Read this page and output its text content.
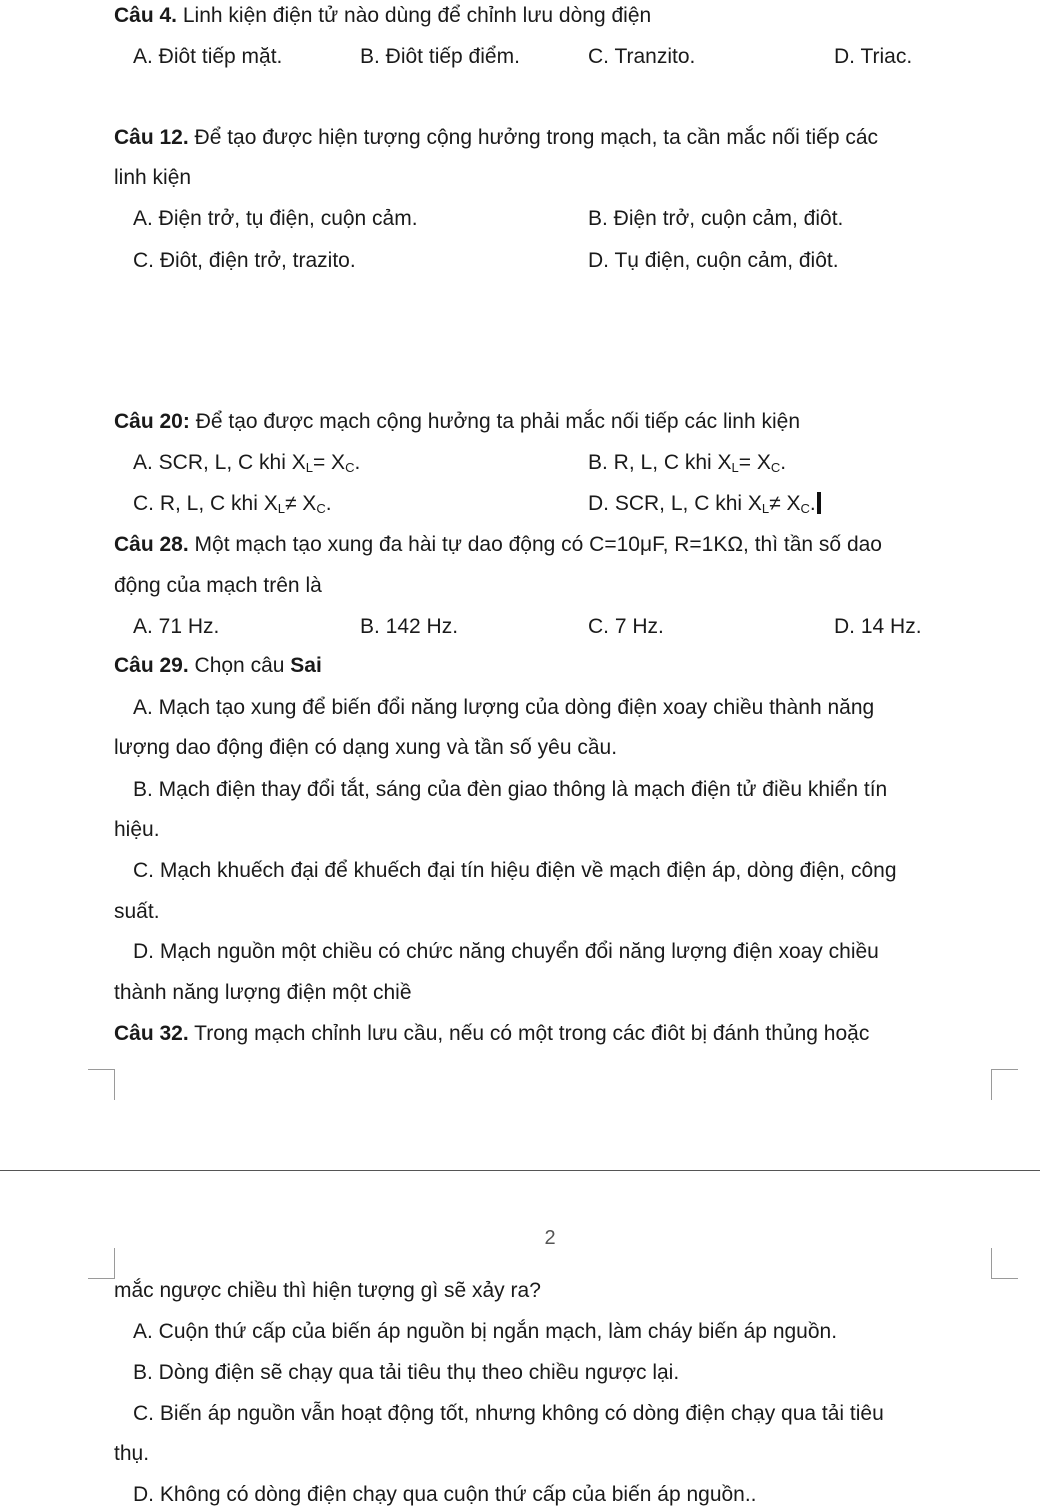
Câu 4. Linh kiện điện tử nào dùng để chỉnh lưu dòng điện
A. Điôt tiếp mặt.	B. Điôt tiếp điểm.	C. Tranzito.	D. Triac.
Câu 12. Để tạo được hiện tượng cộng hưởng trong mạch, ta cần mắc nối tiếp các
linh kiện
A. Điện trở, tụ điện, cuộn cảm.	B. Điện trở, cuộn cảm, điôt.
C. Điôt, điện trở, trazito.	D. Tụ điện, cuộn cảm, điôt.
Câu 20: Để tạo được mạch cộng hưởng ta phải mắc nối tiếp các linh kiện
A. SCR, L, C khi $X_L= X_C$.	B. R, L, C khi $X_L= X_C$.
C. R, L, C khi $X_L\ne X_C$.	D. SCR, L, C khi $X_L\ne X_C$.
Câu 28. Một mạch tạo xung đa hài tự dao động có C=10μF, R=1KΩ, thì tần số dao
động của mạch trên là
A. 71 Hz.	B. 142 Hz.	C. 7 Hz.	D. 14 Hz.
Câu 29. Chọn câu Sai
A. Mạch tạo xung để biến đổi năng lượng của dòng điện xoay chiều thành năng
lượng dao động điện có dạng xung và tần số yêu cầu.
B. Mạch điện thay đổi tắt, sáng của đèn giao thông là mạch điện tử điều khiển tín
hiệu.
C. Mạch khuếch đại để khuếch đại tín hiệu điện về mạch điện áp, dòng điện, công
suất.
D. Mạch nguồn một chiều có chức năng chuyển đổi năng lượng điện xoay chiều
thành năng lượng điện một chiề
Câu 32. Trong mạch chỉnh lưu cầu, nếu có một trong các điôt bị đánh thủng hoặc
2
mắc ngược chiều thì hiện tượng gì sẽ xảy ra?
A. Cuộn thứ cấp của biến áp nguồn bị ngắn mạch, làm cháy biến áp nguồn.
B. Dòng điện sẽ chạy qua tải tiêu thụ theo chiều ngược lại.
C. Biến áp nguồn vẫn hoạt động tốt, nhưng không có dòng điện chạy qua tải tiêu
thụ.
D. Không có dòng điện chạy qua cuộn thứ cấp của biến áp nguồn..
